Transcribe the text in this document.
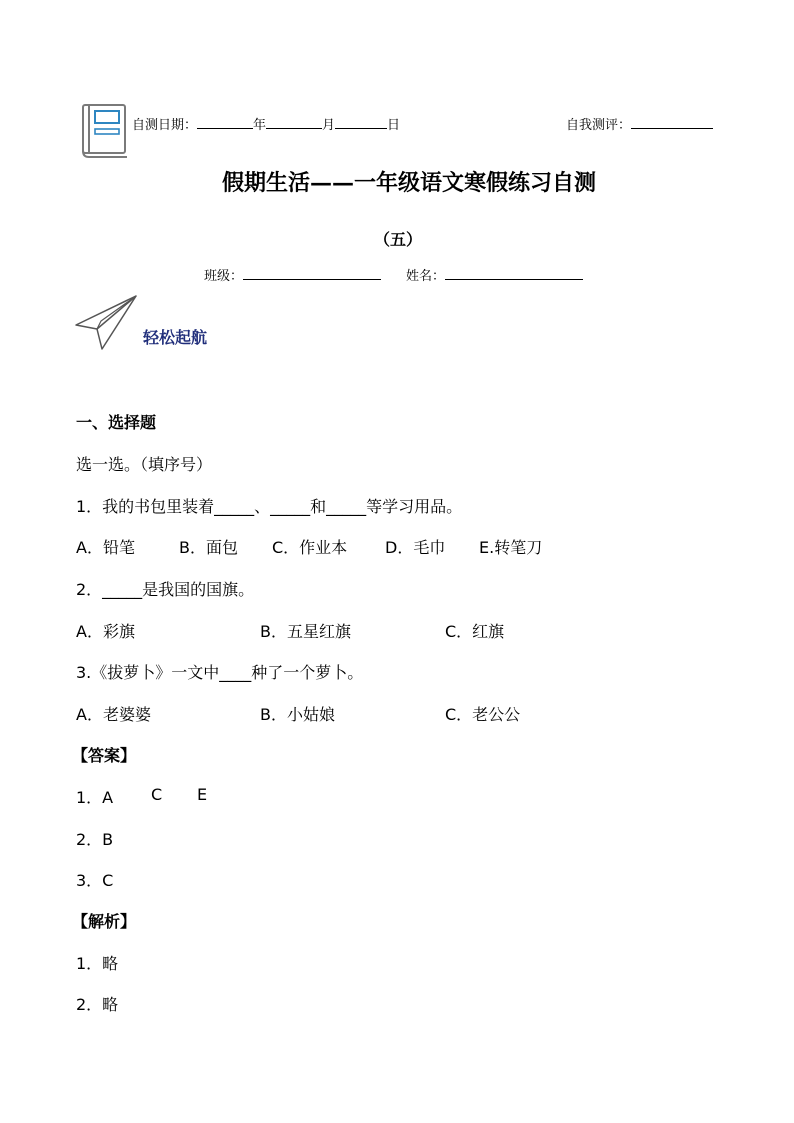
自测日期：	年	月	日	自我测评：
假期生活——一年级语文寒假练习自测
（五）
班级：	姓名：
轻松起航
一、选择题
选一选。（填序号）
1．我的书包里装着_____、_____和_____等学习用品。
A．铅笔	B．面包 C．作业本 D．毛巾 E.转笔刀
2．_____是我国的国旗。
A．彩旗	B．五星红旗	C．红旗
3.《拔萝卜》一文中____种了一个萝卜。
A．老婆婆	B．小姑娘	C．老公公
【答案】
1．A C E
2．B
3．C
【解析】
1．略
2．略
